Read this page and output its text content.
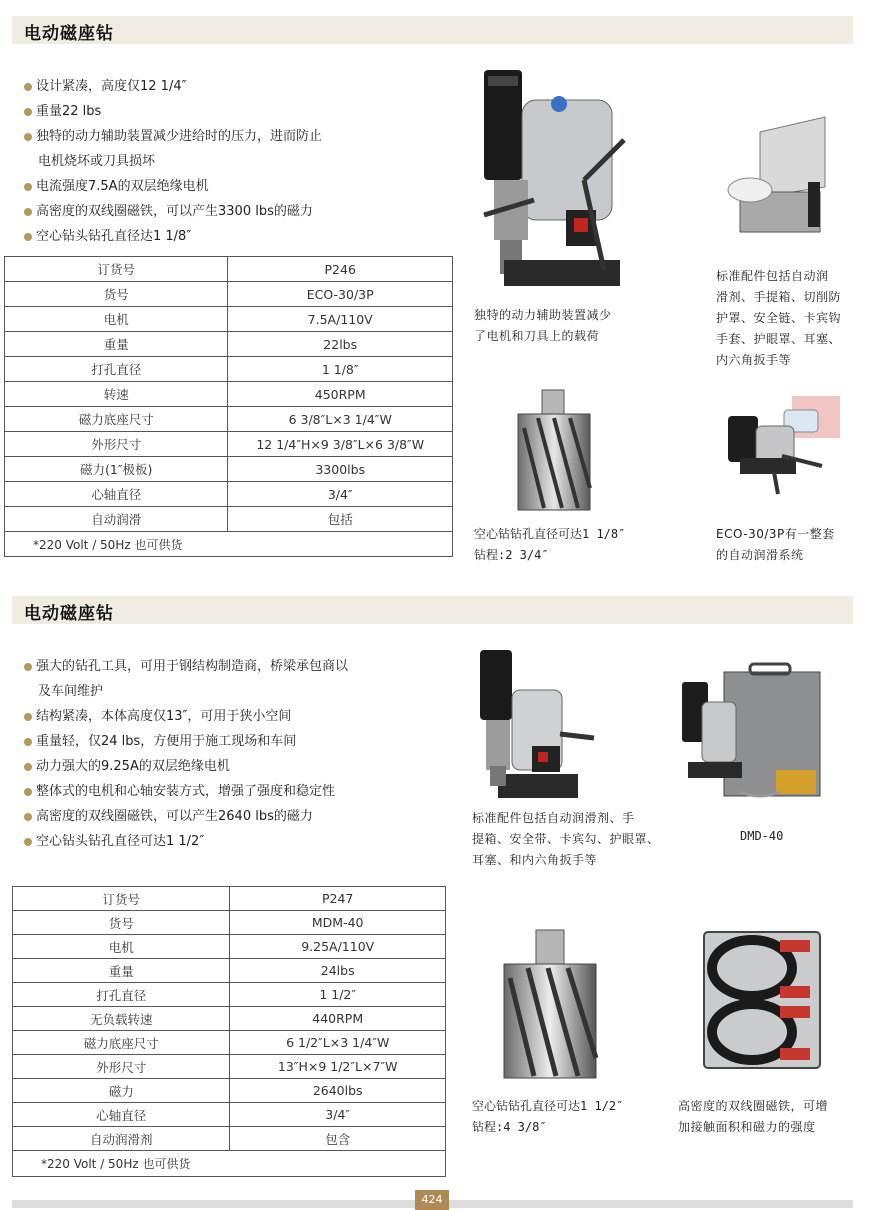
电动磁座钻
设计紧凑，高度仅12 1/4″
重量22 lbs
独特的动力辅助装置减少进给时的压力，进而防止
电机烧坏或刀具损坏
电流强度7.5A的双层绝缘电机
高密度的双线圈磁铁，可以产生3300 lbs的磁力
空心钻头钻孔直径达1 1/8″
订货号	P246
货号	ECO-30/3P
电机	7.5A/110V
重量	22lbs
打孔直径	1 1/8″
转速	450RPM
磁力底座尺寸	6 3/8″L×3 1/4″W
外形尺寸	12 1/4″H×9 3/8″L×6 3/8″W
磁力(1″极板)	3300lbs
心轴直径	3/4″
自动润滑	包括
*220 Volt / 50Hz 也可供货	
独特的动力辅助装置减少
了电机和刀具上的载荷
标准配件包括自动润
滑剂、手提箱、切削防
护罩、安全链、卡宾钩
手套、护眼罩、耳塞、
内六角扳手等
空心钻钻孔直径可达1 1/8″
钻程:2 3/4″
ECO-30/3P有一整套
的自动润滑系统
电动磁座钻
强大的钻孔工具，可用于钢结构制造商，桥梁承包商以
及车间维护
结构紧凑，本体高度仅13″，可用于狭小空间
重量轻，仅24 lbs，方便用于施工现场和车间
动力强大的9.25A的双层绝缘电机
整体式的电机和心轴安装方式，增强了强度和稳定性
高密度的双线圈磁铁，可以产生2640 lbs的磁力
空心钻头钻孔直径可达1 1/2″
订货号	P247
货号	MDM-40
电机	9.25A/110V
重量	24lbs
打孔直径	1 1/2″
无负载转速	440RPM
磁力底座尺寸	6 1/2″L×3 1/4″W
外形尺寸	13″H×9 1/2″L×7″W
磁力	2640lbs
心轴直径	3/4″
自动润滑剂	包含
*220 Volt / 50Hz 也可供货	
标准配件包括自动润滑剂、手
提箱、安全带、卡宾勾、护眼罩、
耳塞、和内六角扳手等
DMD-40
空心钻钻孔直径可达1 1/2″
钻程:4 3/8″
高密度的双线圈磁铁，可增
加接触面积和磁力的强度
424
